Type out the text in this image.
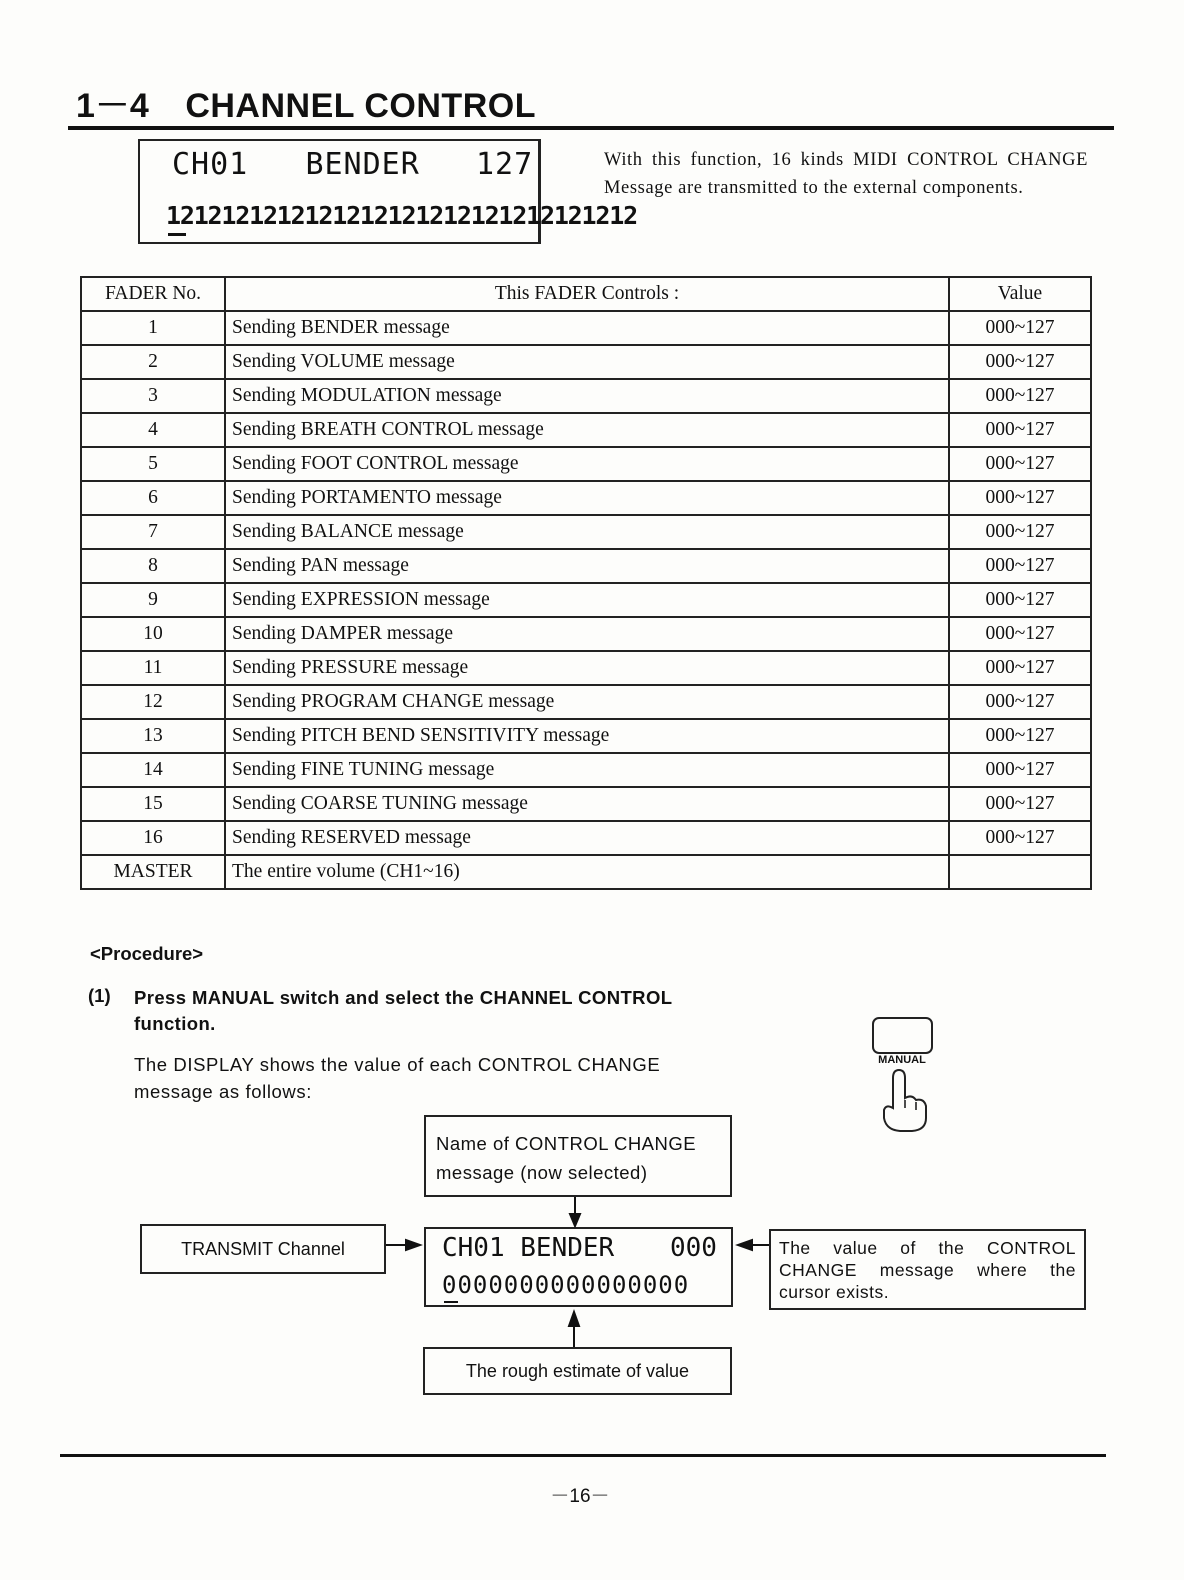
1－4 CHANNEL CONTROL
CH01 BENDER 127
1212121212121212121212121212121212
With this function, 16 kinds MIDI CONTROL CHANGE Message are transmitted to the external components.
FADER No.	This FADER Controls :	Value
1	Sending BENDER message	000~127
2	Sending VOLUME message	000~127
3	Sending MODULATION message	000~127
4	Sending BREATH CONTROL message	000~127
5	Sending FOOT CONTROL message	000~127
6	Sending PORTAMENTO message	000~127
7	Sending BALANCE message	000~127
8	Sending PAN message	000~127
9	Sending EXPRESSION message	000~127
10	Sending DAMPER message	000~127
11	Sending PRESSURE message	000~127
12	Sending PROGRAM CHANGE message	000~127
13	Sending PITCH BEND SENSITIVITY message	000~127
14	Sending FINE TUNING message	000~127
15	Sending COARSE TUNING message	000~127
16	Sending RESERVED message	000~127
MASTER	The entire volume (CH1~16)	
<Procedure>
(1) Press MANUAL switch and select the CHANNEL CONTROL function.
The DISPLAY shows the value of each CONTROL CHANGE message as follows:
MANUAL
Name of CONTROL CHANGE message (now selected)
TRANSMIT Channel	CH01 BENDER 000
0000000000000000
The value of the CONTROL CHANGE message where the cursor exists.
The rough estimate of value
－16－
